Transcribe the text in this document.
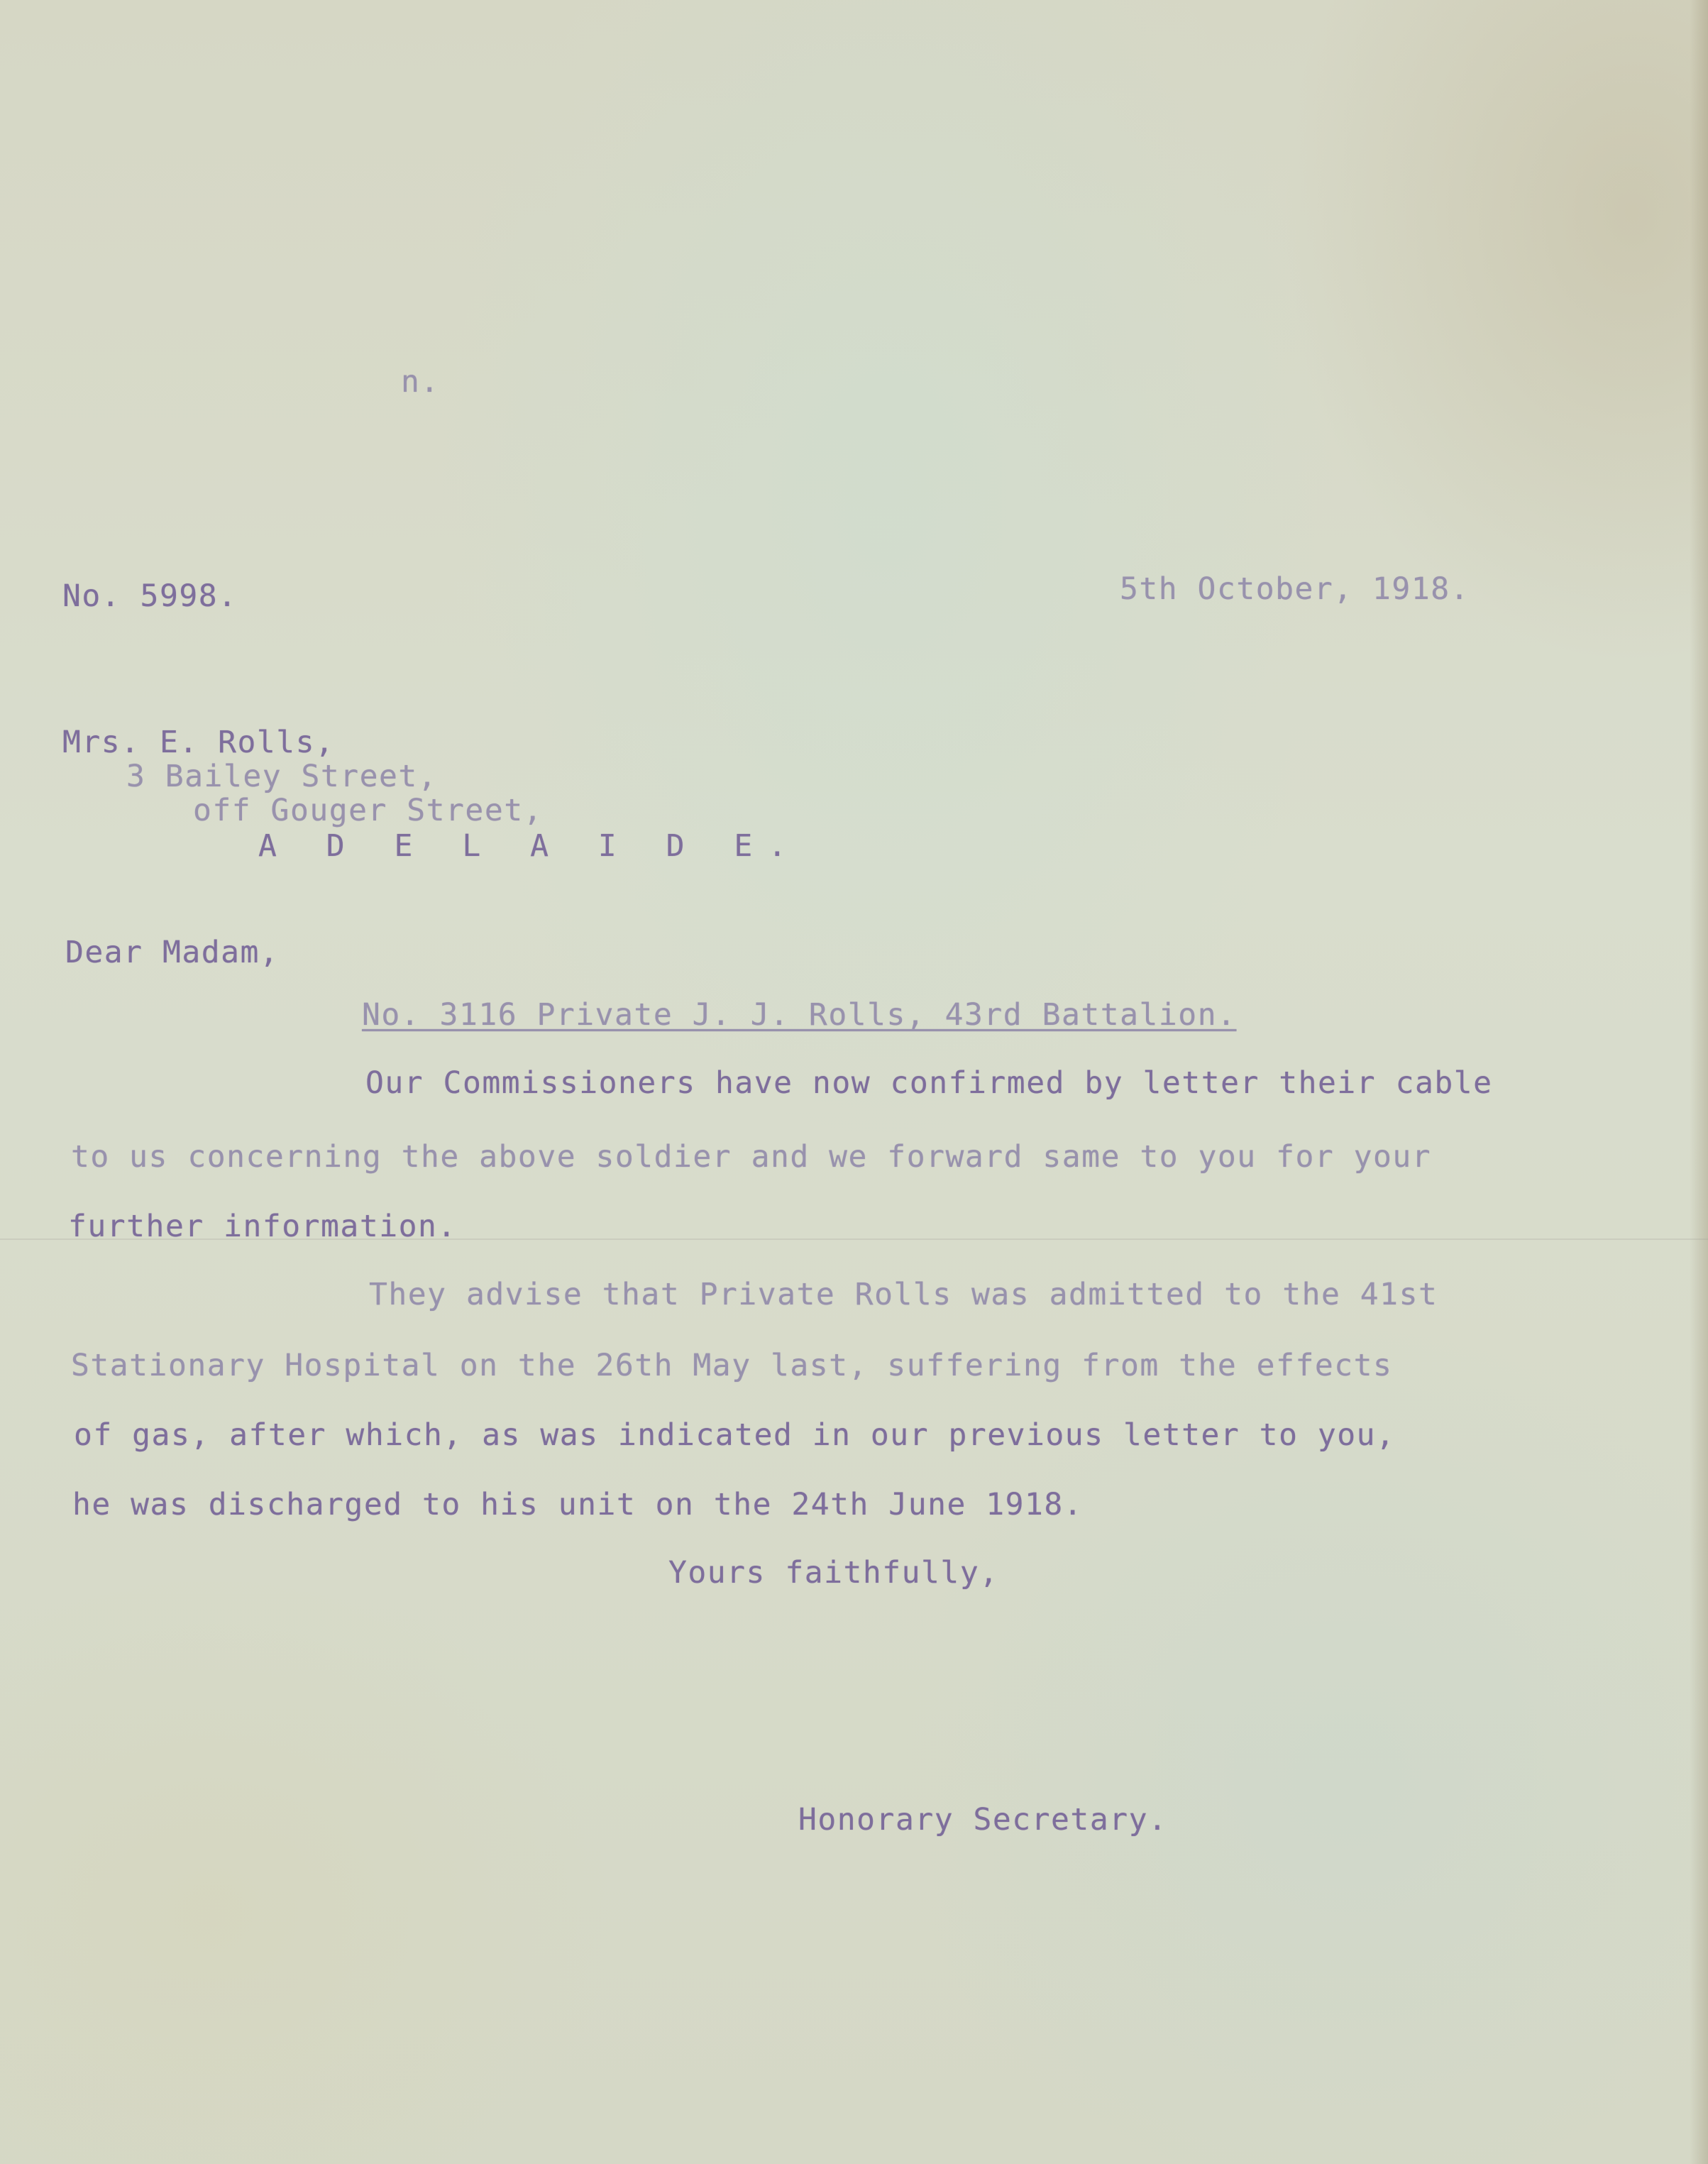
n.
No. 5998.	5th October, 1918.
Mrs. E. Rolls,
3 Bailey Street,
off Gouger Street,
A D E L A I D E.
Dear Madam,
No. 3116 Private J. J. Rolls, 43rd Battalion.
Our Commissioners have now confirmed by letter their cable
to us concerning the above soldier and we forward same to you for your
further information.
They advise that Private Rolls was admitted to the 41st
Stationary Hospital on the 26th May last, suffering from the effects
of gas, after which, as was indicated in our previous letter to you,
he was discharged to his unit on the 24th June 1918.
Yours faithfully,
Honorary Secretary.
